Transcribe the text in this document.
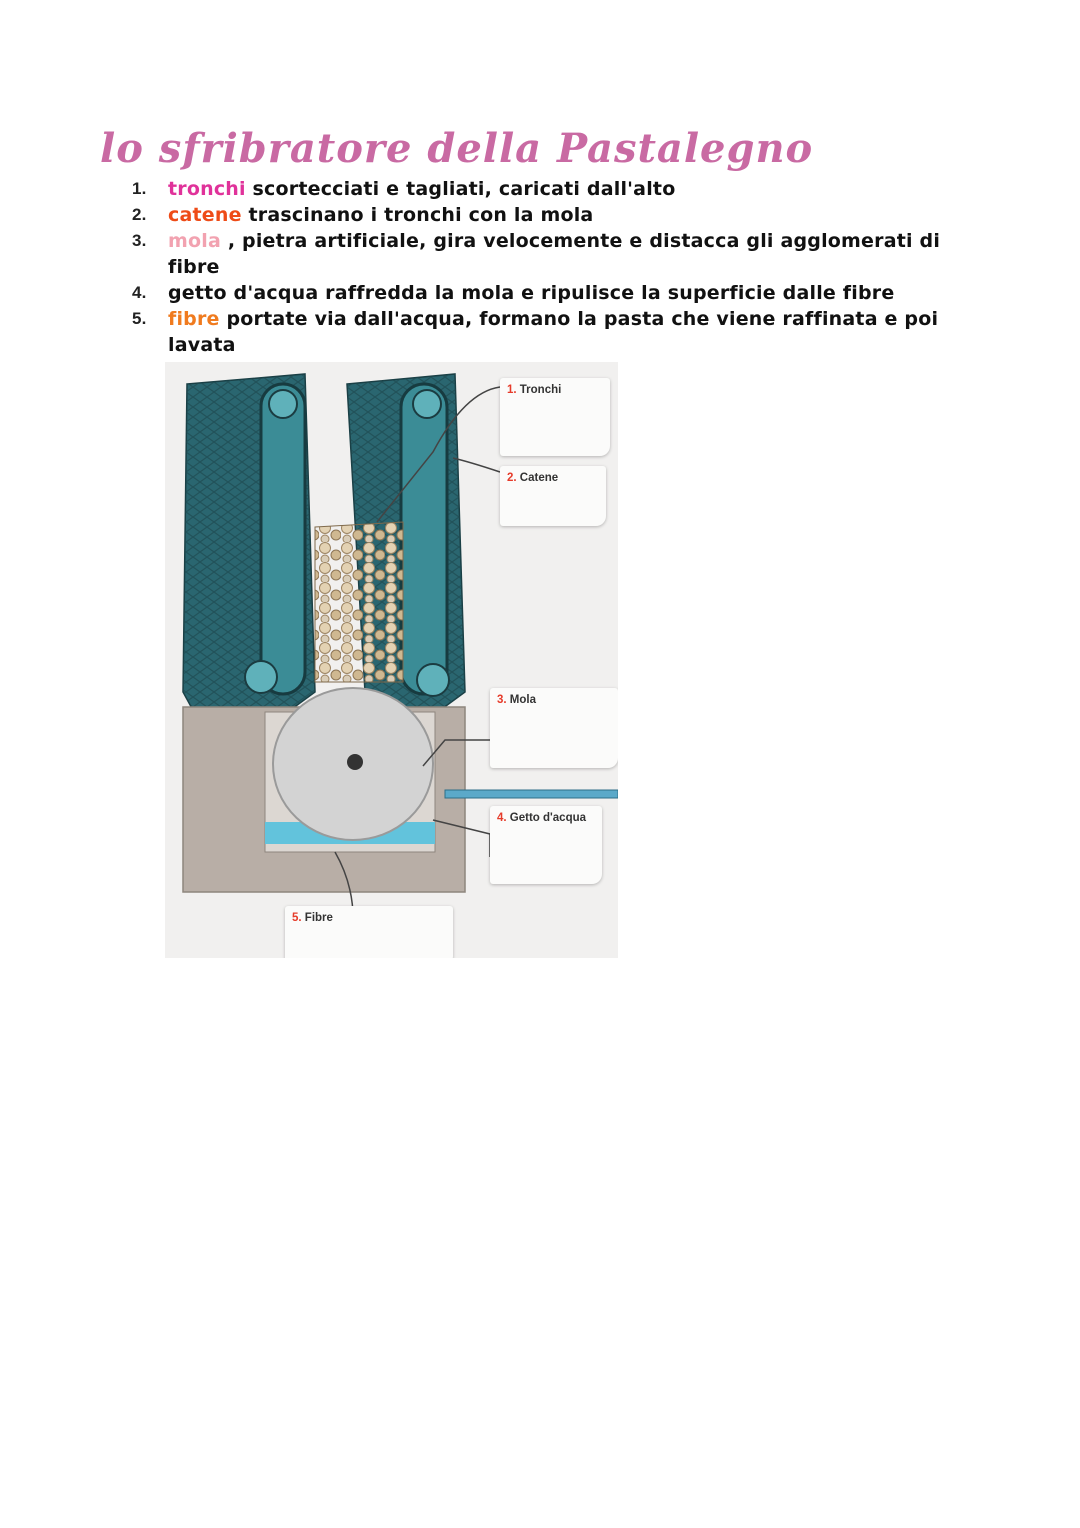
lo sfribratore della Pastalegno
1.	tronchi scortecciati e tagliati, caricati dall'alto
2.	catene trascinano i tronchi con la mola
3.	mola , pietra artificiale, gira velocemente e distacca gli agglomerati di fibre
4.	getto d'acqua raffredda la mola e ripulisce la superficie dalle fibre
5.	fibre portate via dall'acqua, formano la pasta che viene raffinata e poi lavata
1. Tronchi
2. Catene
3. Mola
4. Getto d'acqua
5. Fibre
